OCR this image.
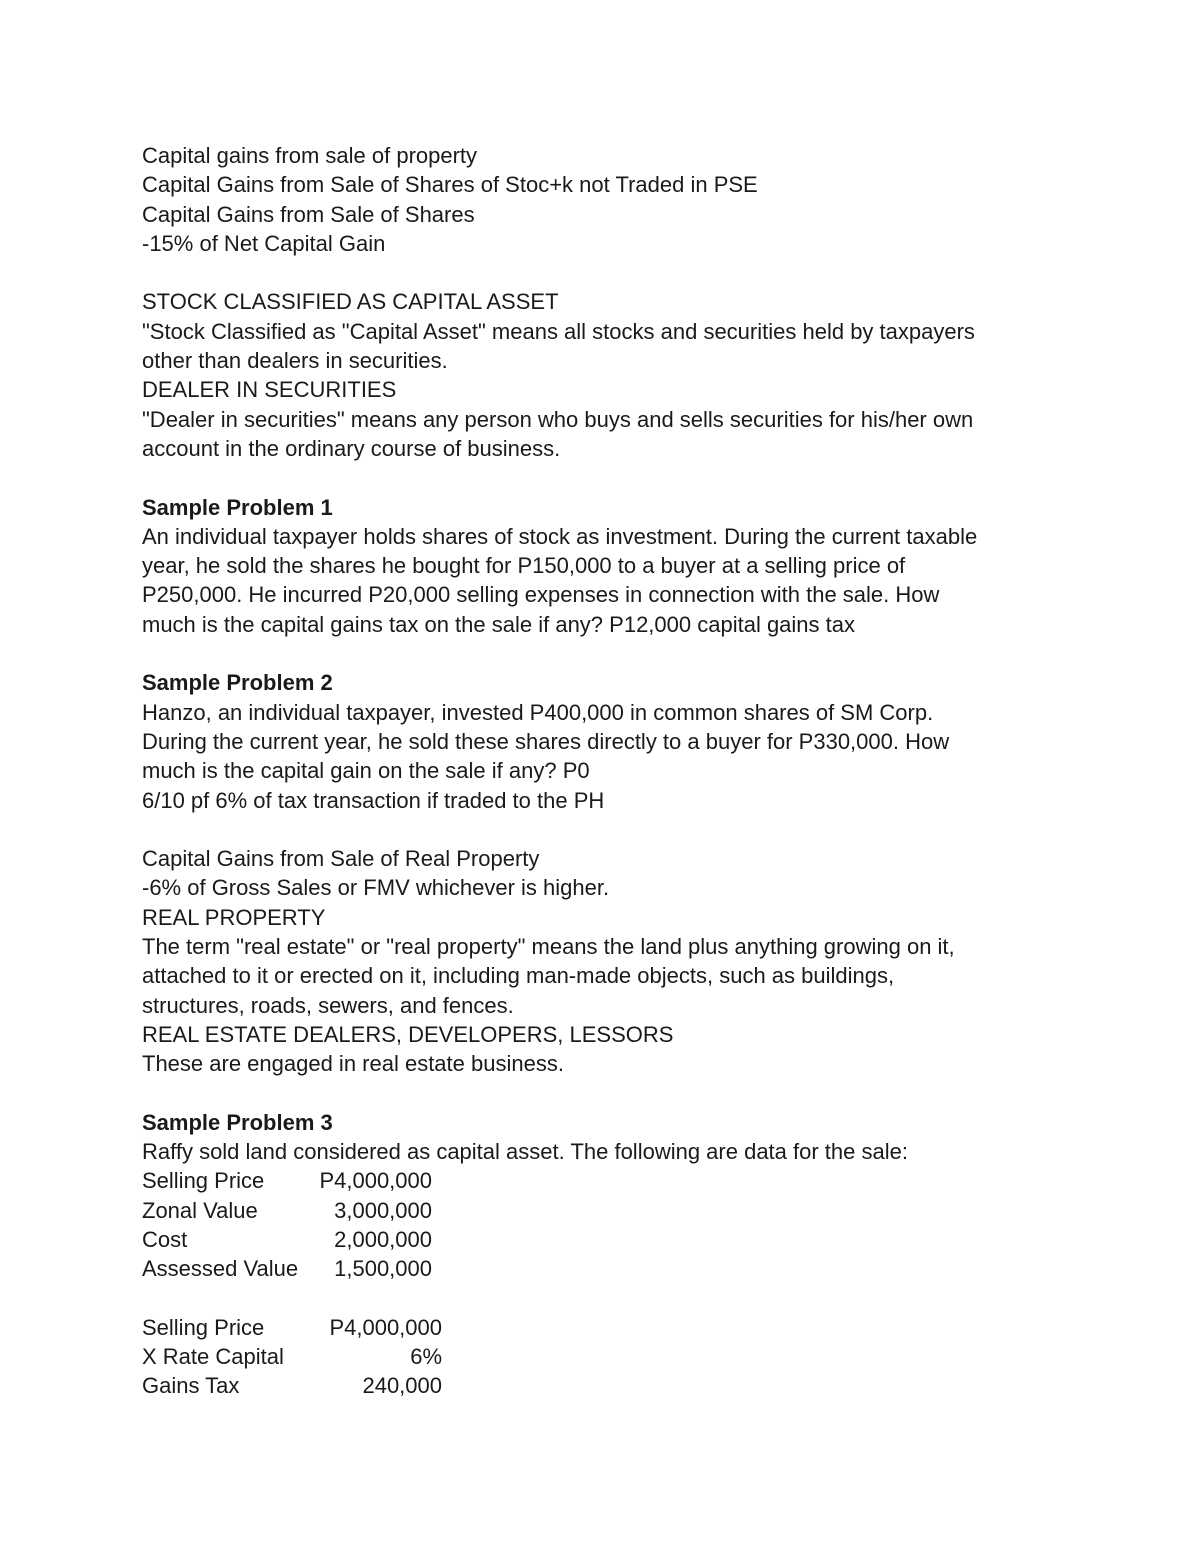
Capital gains from sale of property
Capital Gains from Sale of Shares of Stoc+k not Traded in PSE
Capital Gains from Sale of Shares
-15% of Net Capital Gain
STOCK CLASSIFIED AS CAPITAL ASSET
"Stock Classified as "Capital Asset" means all stocks and securities held by taxpayers
other than dealers in securities.
DEALER IN SECURITIES
"Dealer in securities" means any person who buys and sells securities for his/her own
account in the ordinary course of business.
Sample Problem 1
An individual taxpayer holds shares of stock as investment. During the current taxable
year, he sold the shares he bought for P150,000 to a buyer at a selling price of
P250,000. He incurred P20,000 selling expenses in connection with the sale. How
much is the capital gains tax on the sale if any? P12,000 capital gains tax
Sample Problem 2
Hanzo, an individual taxpayer, invested P400,000 in common shares of SM Corp.
During the current year, he sold these shares directly to a buyer for P330,000. How
much is the capital gain on the sale if any? P0
6/10 pf 6% of tax transaction if traded to the PH
Capital Gains from Sale of Real Property
-6% of Gross Sales or FMV whichever is higher.
REAL PROPERTY
The term "real estate" or "real property" means the land plus anything growing on it,
attached to it or erected on it, including man-made objects, such as buildings,
structures, roads, sewers, and fences.
REAL ESTATE DEALERS, DEVELOPERS, LESSORS
These are engaged in real estate business.
Sample Problem 3
Raffy sold land considered as capital asset. The following are data for the sale:
Selling Price	P4,000,000
Zonal Value	3,000,000
Cost	2,000,000
Assessed Value 1,500,000
Selling Price	P4,000,000
X Rate Capital	6%
Gains Tax	240,000
